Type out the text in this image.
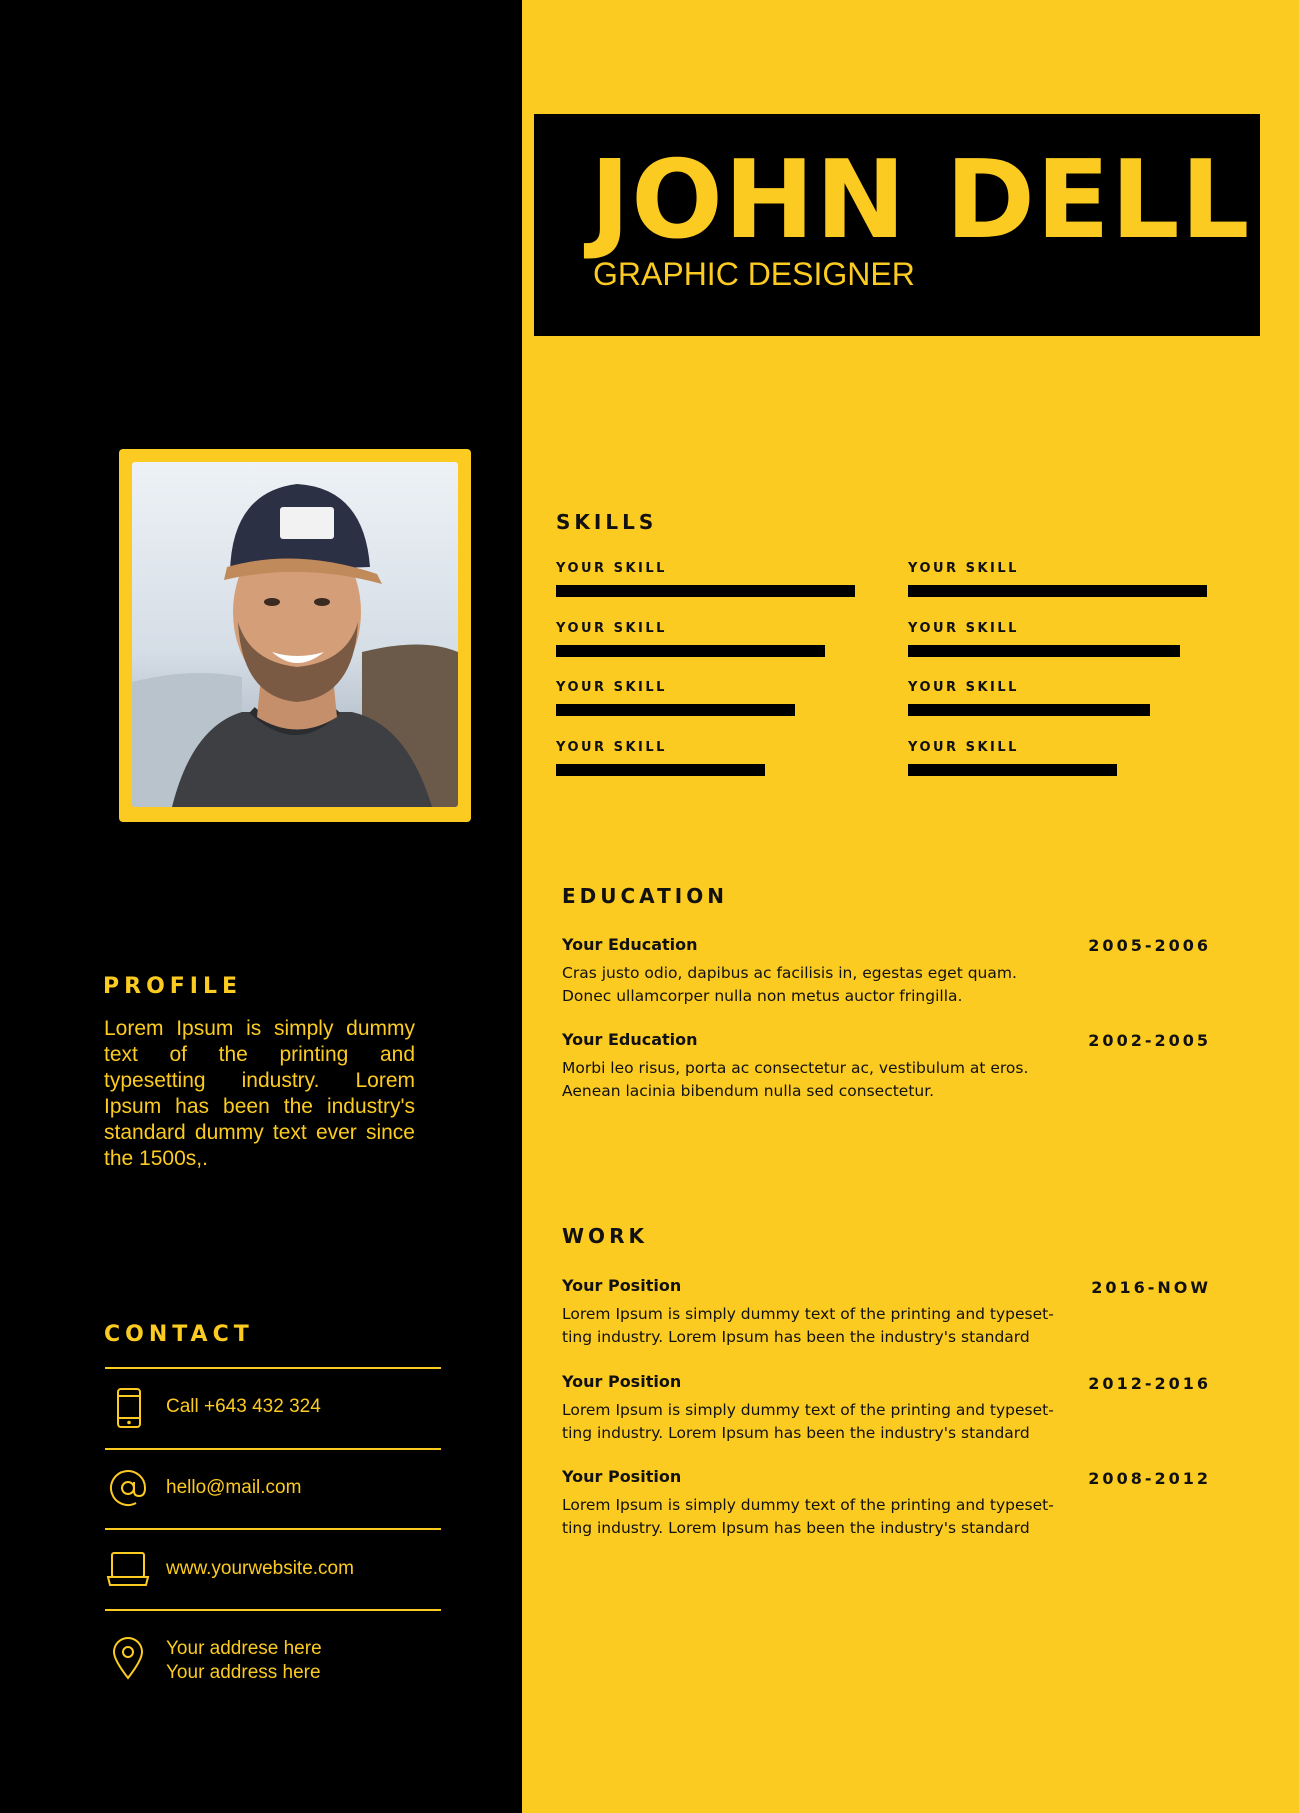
JOHN DELL

GRAPHIC DESIGNER

SKILLS
YOUR SKILL
YOUR SKILL
YOUR SKILL
YOUR SKILL
YOUR SKILL
YOUR SKILL
YOUR SKILL
YOUR SKILL
EDUCATION

Your Education	2005-2006

Cras justo odio, dapibus ac facilisis in, egestas eget quam.
Donec ullamcorper nulla non metus auctor fringilla.

Your Education	2002-2005

Morbi leo risus, porta ac consectetur ac, vestibulum at eros.
Aenean lacinia bibendum nulla sed consectetur.

WORK

Your Position	2016-NOW

Lorem Ipsum is simply dummy text of the printing and typeset-
ting industry. Lorem Ipsum has been the industry's standard

Your Position	2012-2016

Lorem Ipsum is simply dummy text of the printing and typeset-
ting industry. Lorem Ipsum has been the industry's standard

Your Position	2008-2012

Lorem Ipsum is simply dummy text of the printing and typeset-
ting industry. Lorem Ipsum has been the industry's standard

PROFILE

Lorem Ipsum is simply dummy text of the printing and typesetting industry. Lorem Ipsum has been the industry's standard dummy text ever since the 1500s,.

CONTACT

Call +643 432 324

hello@mail.com

www.yourwebsite.com

Your addrese here
Your address here
